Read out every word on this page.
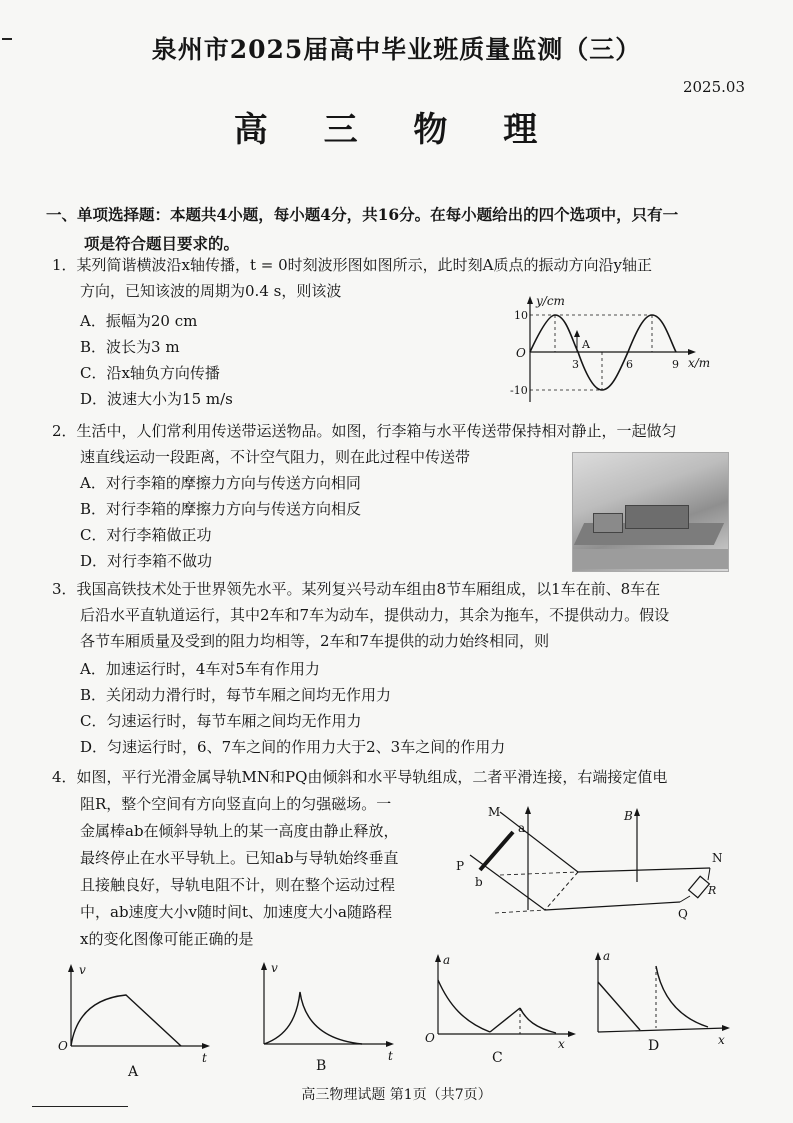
泉州市2025届高中毕业班质量监测（三）
2025.03
高 三 物 理
一、单项选择题：本题共4小题，每小题4分，共16分。在每小题给出的四个选项中，只有一
项是符合题目要求的。
1．某列简谐横波沿x轴传播，t = 0时刻波形图如图所示，此时刻A质点的振动方向沿y轴正
方向，已知该波的周期为0.4 s，则该波
A．振幅为20 cm
B．波长为3 m
C．沿x轴负方向传播
D．波速大小为15 m/s
y/cm
x/m
O
10
-10
3	6	9
A
2．生活中，人们常利用传送带运送物品。如图，行李箱与水平传送带保持相对静止，一起做匀
速直线运动一段距离，不计空气阻力，则在此过程中传送带
A．对行李箱的摩擦力方向与传送方向相同
B．对行李箱的摩擦力方向与传送方向相反
C．对行李箱做正功
D．对行李箱不做功
3．我国高铁技术处于世界领先水平。某列复兴号动车组由8节车厢组成，以1车在前、8车在
后沿水平直轨道运行，其中2车和7车为动车，提供动力，其余为拖车，不提供动力。假设
各节车厢质量及受到的阻力均相等，2车和7车提供的动力始终相同，则
A．加速运行时，4车对5车有作用力
B．关闭动力滑行时，每节车厢之间均无作用力
C．匀速运行时，每节车厢之间均无作用力
D．匀速运行时，6、7车之间的作用力大于2、3车之间的作用力
4．如图，平行光滑金属导轨MN和PQ由倾斜和水平导轨组成，二者平滑连接，右端接定值电
阻R，整个空间有方向竖直向上的匀强磁场。一
金属棒ab在倾斜导轨上的某一高度由静止释放，
最终停止在水平导轨上。已知ab与导轨始终垂直
且接触良好，导轨电阻不计，则在整个运动过程
中，ab速度大小v随时间t、加速度大小a随路程
x的变化图像可能正确的是
M
N
P
Q
a
b
B
R
v
t
O
A
v
t
B
a
x
O
C
a
x
D
高三物理试题 第1页（共7页）
